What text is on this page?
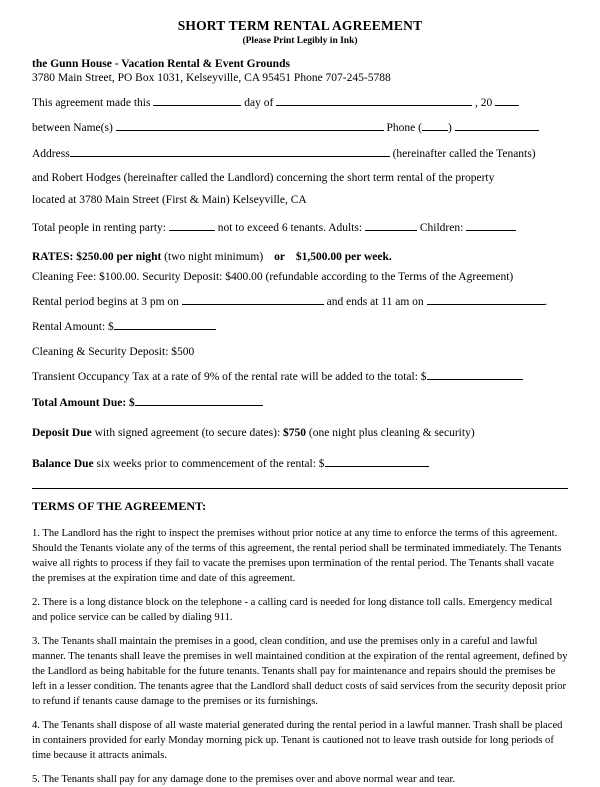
SHORT TERM RENTAL AGREEMENT
(Please Print Legibly in Ink)
the Gunn House - Vacation Rental & Event Grounds
3780 Main Street, PO Box 1031, Kelseyville, CA 95451 Phone 707-245-5788
This agreement made this	day of	, 20
between Name(s)	Phone ( )
Address	(hereinafter called the Tenants)
and Robert Hodges (hereinafter called the Landlord) concerning the short term rental of the property
located at 3780 Main Street (First & Main) Kelseyville, CA
Total people in renting party:	not to exceed 6 tenants. Adults:	Children:
RATES: $250.00 per night (two night minimum) or $1,500.00 per week.
Cleaning Fee: $100.00. Security Deposit: $400.00 (refundable according to the Terms of the Agreement)
Rental period begins at 3 pm on	and ends at 11 am on	.
Rental Amount: $
Cleaning & Security Deposit: $500
Transient Occupancy Tax at a rate of 9% of the rental rate will be added to the total: $
Total Amount Due: $
Deposit Due with signed agreement (to secure dates): $750 (one night plus cleaning & security)
Balance Due six weeks prior to commencement of the rental: $
TERMS OF THE AGREEMENT:
1. The Landlord has the right to inspect the premises without prior notice at any time to enforce the terms of this agreement. Should the Tenants violate any of the terms of this agreement, the rental period shall be terminated immediately. The Tenants waive all rights to process if they fail to vacate the premises upon termination of the rental period. The Tenants shall vacate the premises at the expiration time and date of this agreement.
2. There is a long distance block on the telephone - a calling card is needed for long distance toll calls. Emergency medical and police service can be called by dialing 911.
3. The Tenants shall maintain the premises in a good, clean condition, and use the premises only in a careful and lawful manner. The tenants shall leave the premises in well maintained condition at the expiration of the rental agreement, defined by the Landlord as being habitable for the future tenants. Tenants shall pay for maintenance and repairs should the premises be left in a lesser condition. The tenants agree that the Landlord shall deduct costs of said services from the security deposit prior to refund if tenants cause damage to the premises or its furnishings.
4. The Tenants shall dispose of all waste material generated during the rental period in a lawful manner. Trash shall be placed in containers provided for early Monday morning pick up. Tenant is cautioned not to leave trash outside for long periods of time because it attracts animals.
5. The Tenants shall pay for any damage done to the premises over and above normal wear and tear.
